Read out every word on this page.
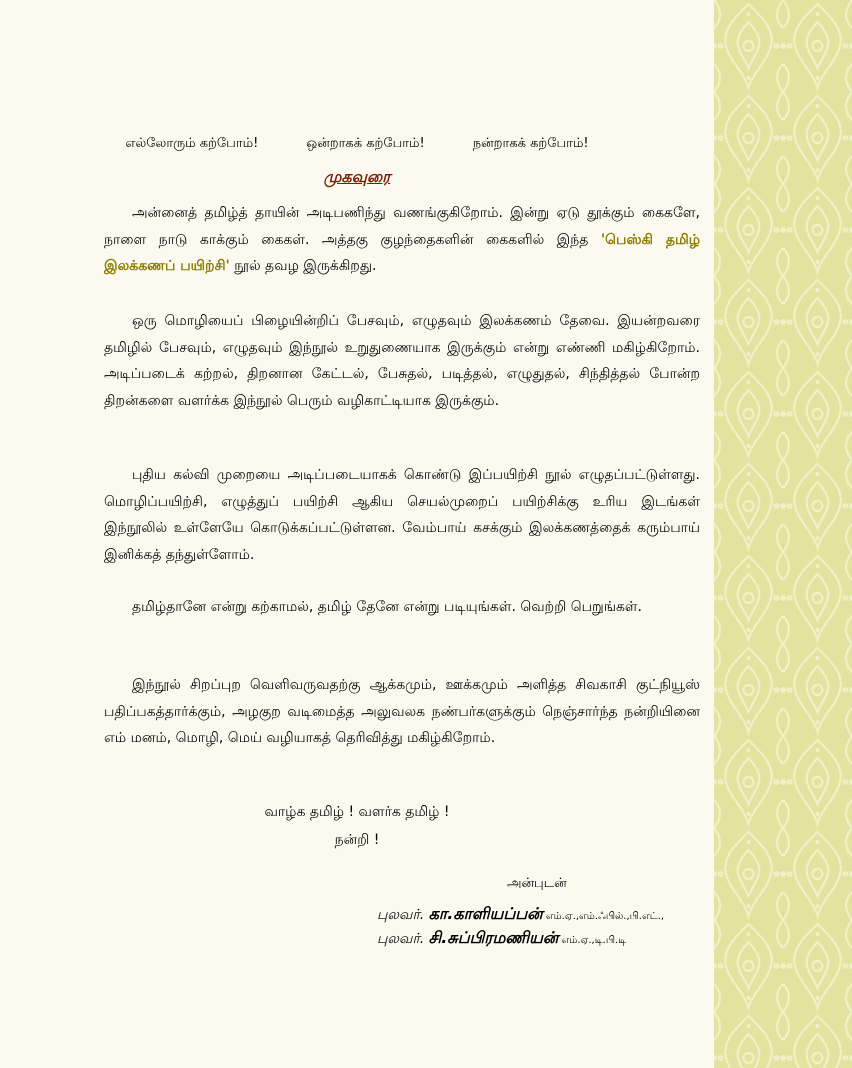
எல்லோரும் கற்போம்!	ஒன்றாகக் கற்போம்!	நன்றாகக் கற்போம்!
முகவுரை

அன்னைத் தமிழ்த் தாயின் அடிபணிந்து வணங்குகிறோம். இன்று ஏடு தூக்கும் கைகளே, நாளை நாடு காக்கும் கைகள். அத்தகு குழந்தைகளின் கைகளில் இந்த 'பெஸ்கி தமிழ் இலக்கணப் பயிற்சி' நூல் தவழ இருக்கிறது.

ஒரு மொழியைப் பிழையின்றிப் பேசவும், எழுதவும் இலக்கணம் தேவை. இயன்றவரை தமிழில் பேசவும், எழுதவும் இந்நூல் உறுதுணையாக இருக்கும் என்று எண்ணி மகிழ்கிறோம். அடிப்படைக் கற்றல், திறனான கேட்டல், பேசுதல், படித்தல், எழுதுதல், சிந்தித்தல் போன்ற திறன்களை வளர்க்க இந்நூல் பெரும் வழிகாட்டியாக இருக்கும்.

புதிய கல்வி முறையை அடிப்படையாகக் கொண்டு இப்பயிற்சி நூல் எழுதப்பட்டுள்ளது. மொழிப்பயிற்சி, எழுத்துப் பயிற்சி ஆகிய செயல்முறைப் பயிற்சிக்கு உரிய இடங்கள் இந்நூலில் உள்ளேயே கொடுக்கப்பட்டுள்ளன. வேம்பாய் கசக்கும் இலக்கணத்தைக் கரும்பாய் இனிக்கத் தந்துள்ளோம்.

தமிழ்தானே என்று கற்காமல், தமிழ் தேனே என்று படியுங்கள். வெற்றி பெறுங்கள்.

இந்நூல் சிறப்புற வெளிவருவதற்கு ஆக்கமும், ஊக்கமும் அளித்த சிவகாசி குட்நியூஸ் பதிப்பகத்தார்க்கும், அழகுற வடிமைத்த அலுவலக நண்பர்களுக்கும் நெஞ்சார்ந்த நன்றியினை எம் மனம், மொழி, மெய் வழியாகத் தெரிவித்து மகிழ்கிறோம்.

வாழ்க தமிழ் ! வளர்க தமிழ் !
நன்றி !
அன்புடன்
புலவர். கா.காளியப்பன் எம்.ஏ.,எம்.ஃபில்.,பி.எட்.,
புலவர். சி.சுப்பிரமணியன் எம்.ஏ.,டி.பி.டி
